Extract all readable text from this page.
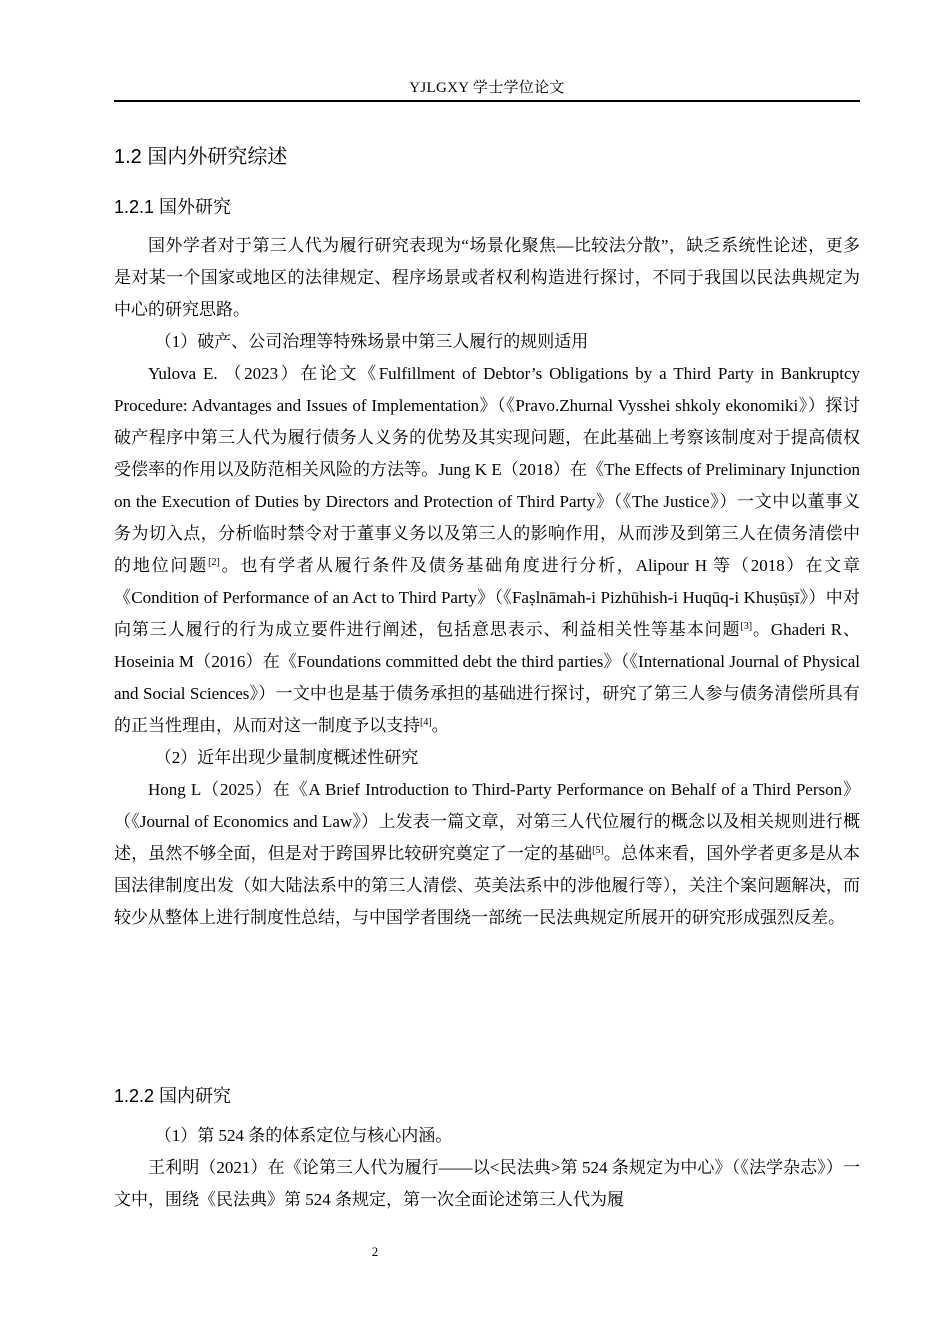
YJLGXY 学士学位论文
1.2 国内外研究综述
1.2.1 国外研究

国外学者对于第三人代为履行研究表现为“场景化聚焦—比较法分散”，缺乏系统性论述，更多是对某一个国家或地区的法律规定、程序场景或者权利构造进行探讨，不同于我国以民法典规定为中心的研究思路。

（1）破产、公司治理等特殊场景中第三人履行的规则适用

Yulova E. （2023）在论文《Fulfillment of Debtor’s Obligations by a Third Party in Bankruptcy Procedure: Advantages and Issues of Implementation》（《Pravo.Zhurnal Vysshei shkoly ekonomiki》）探讨破产程序中第三人代为履行债务人义务的优势及其实现问题，在此基础上考察该制度对于提高债权受偿率的作用以及防范相关风险的方法等。Jung K E（2018）在《The Effects of Preliminary Injunction on the Execution of Duties by Directors and Protection of Third Party》（《The Justice》）一文中以董事义务为切入点，分析临时禁令对于董事义务以及第三人的影响作用，从而涉及到第三人在债务清偿中的地位问题[2]。也有学者从履行条件及债务基础角度进行分析，Alipour H 等（2018）在文章《Condition of Performance of an Act to Third Party》（《Faṣlnāmah-i Pizhūhish-i Huqūq-i Khuṣūṣī》）中对向第三人履行的行为成立要件进行阐述，包括意思表示、利益相关性等基本问题[3]。Ghaderi R、Hoseinia M（2016）在《Foundations committed debt the third parties》（《International Journal of Physical and Social Sciences》）一文中也是基于债务承担的基础进行探讨，研究了第三人参与债务清偿所具有的正当性理由，从而对这一制度予以支持[4]。

（2）近年出现少量制度概述性研究

Hong L（2025）在《A Brief Introduction to Third-Party Performance on Behalf of a Third Person》（《Journal of Economics and Law》）上发表一篇文章，对第三人代位履行的概念以及相关规则进行概述，虽然不够全面，但是对于跨国界比较研究奠定了一定的基础[5]。总体来看，国外学者更多是从本国法律制度出发（如大陆法系中的第三人清偿、英美法系中的涉他履行等），关注个案问题解决，而较少从整体上进行制度性总结，与中国学者围绕一部统一民法典规定所展开的研究形成强烈反差。

1.2.2 国内研究

（1）第 524 条的体系定位与核心内涵。

王利明（2021）在《论第三人代为履行——以<民法典>第 524 条规定为中心》（《法学杂志》）一文中，围绕《民法典》第 524 条规定，第一次全面论述第三人代为履

2
